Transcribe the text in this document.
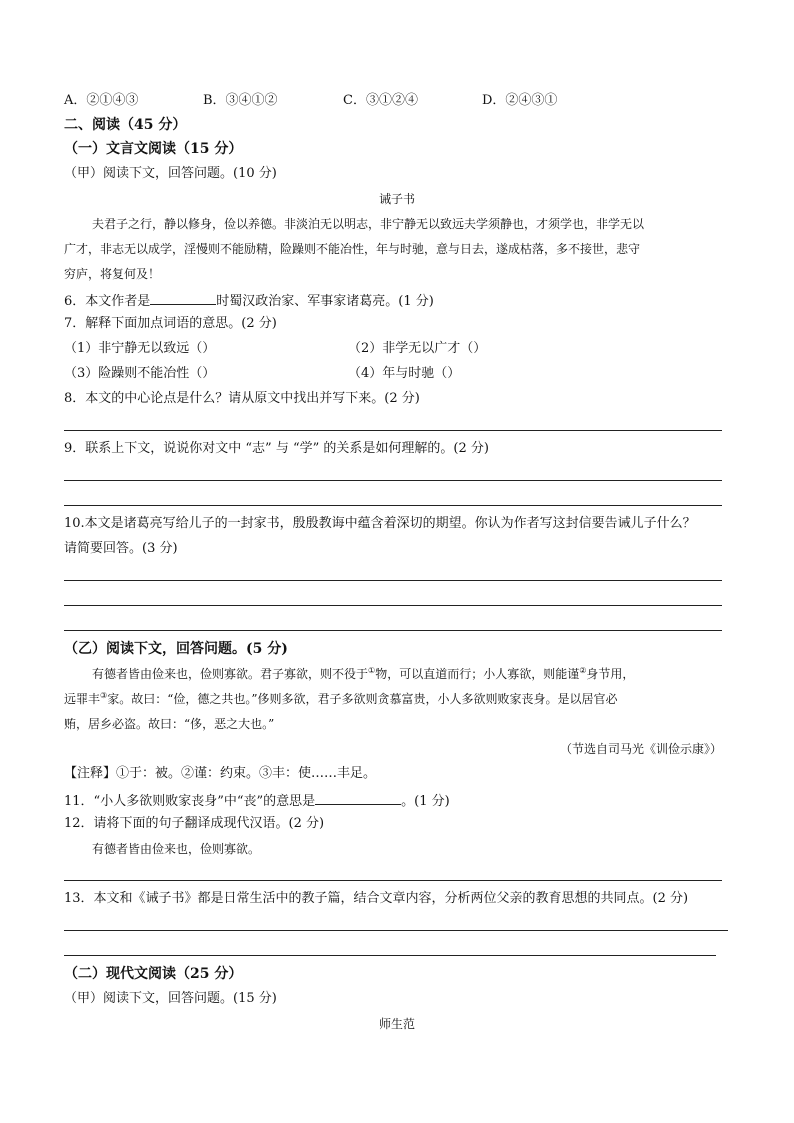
A．②①④③	B．③④①②	C．③①②④	D．②④③①
二、阅读（45 分）
（一）文言文阅读（15 分）
（甲）阅读下文，回答问题。(10 分)
诫子书
夫君子之行，静以修身，俭以养德。非淡泊无以明志，非宁静无以致远夫学须静也，才须学也，非学无以
广才，非志无以成学，淫慢则不能励精，险躁则不能冶性，年与时驰，意与日去，遂成枯落，多不接世，悲守
穷庐，将复何及！
6．本文作者是	时蜀汉政治家、军事家诸葛亮。(1 分)
7．解释下面加点词语的意思。(2 分)
（1）非宁静无以致远（）	（2）非学无以广才（）
（3）险躁则不能冶性（）	（4）年与时驰（）
8．本文的中心论点是什么？请从原文中找出并写下来。(2 分)
9．联系上下文，说说你对文中 “志” 与 “学” 的关系是如何理解的。(2 分)
10.本文是诸葛亮写给儿子的一封家书，殷殷教诲中蕴含着深切的期望。你认为作者写这封信要告诫儿子什么？
请简要回答。(3 分)
（乙）阅读下文，回答问题。(5 分)
有德者皆由俭来也，俭则寡欲。君子寡欲，则不役于①物，可以直道而行；小人寡欲，则能谨②身节用，
远罪丰③家。故曰：“俭，德之共也。”侈则多欲，君子多欲则贪慕富贵，小人多欲则败家丧身。是以居官必
贿，居乡必盗。故曰：“侈，恶之大也。”
（节选自司马光《训俭示康》）
【注释】①于：被。②谨：约束。③丰：使……丰足。
11．“小人多欲则败家丧身”中“丧”的意思是	。(1 分)
12．请将下面的句子翻译成现代汉语。(2 分)
有德者皆由俭来也，俭则寡欲。
13．本文和《诫子书》都是日常生活中的教子篇，结合文章内容，分析两位父亲的教育思想的共同点。(2 分)
（二）现代文阅读（25 分）
（甲）阅读下文，回答问题。(15 分)
师生范
